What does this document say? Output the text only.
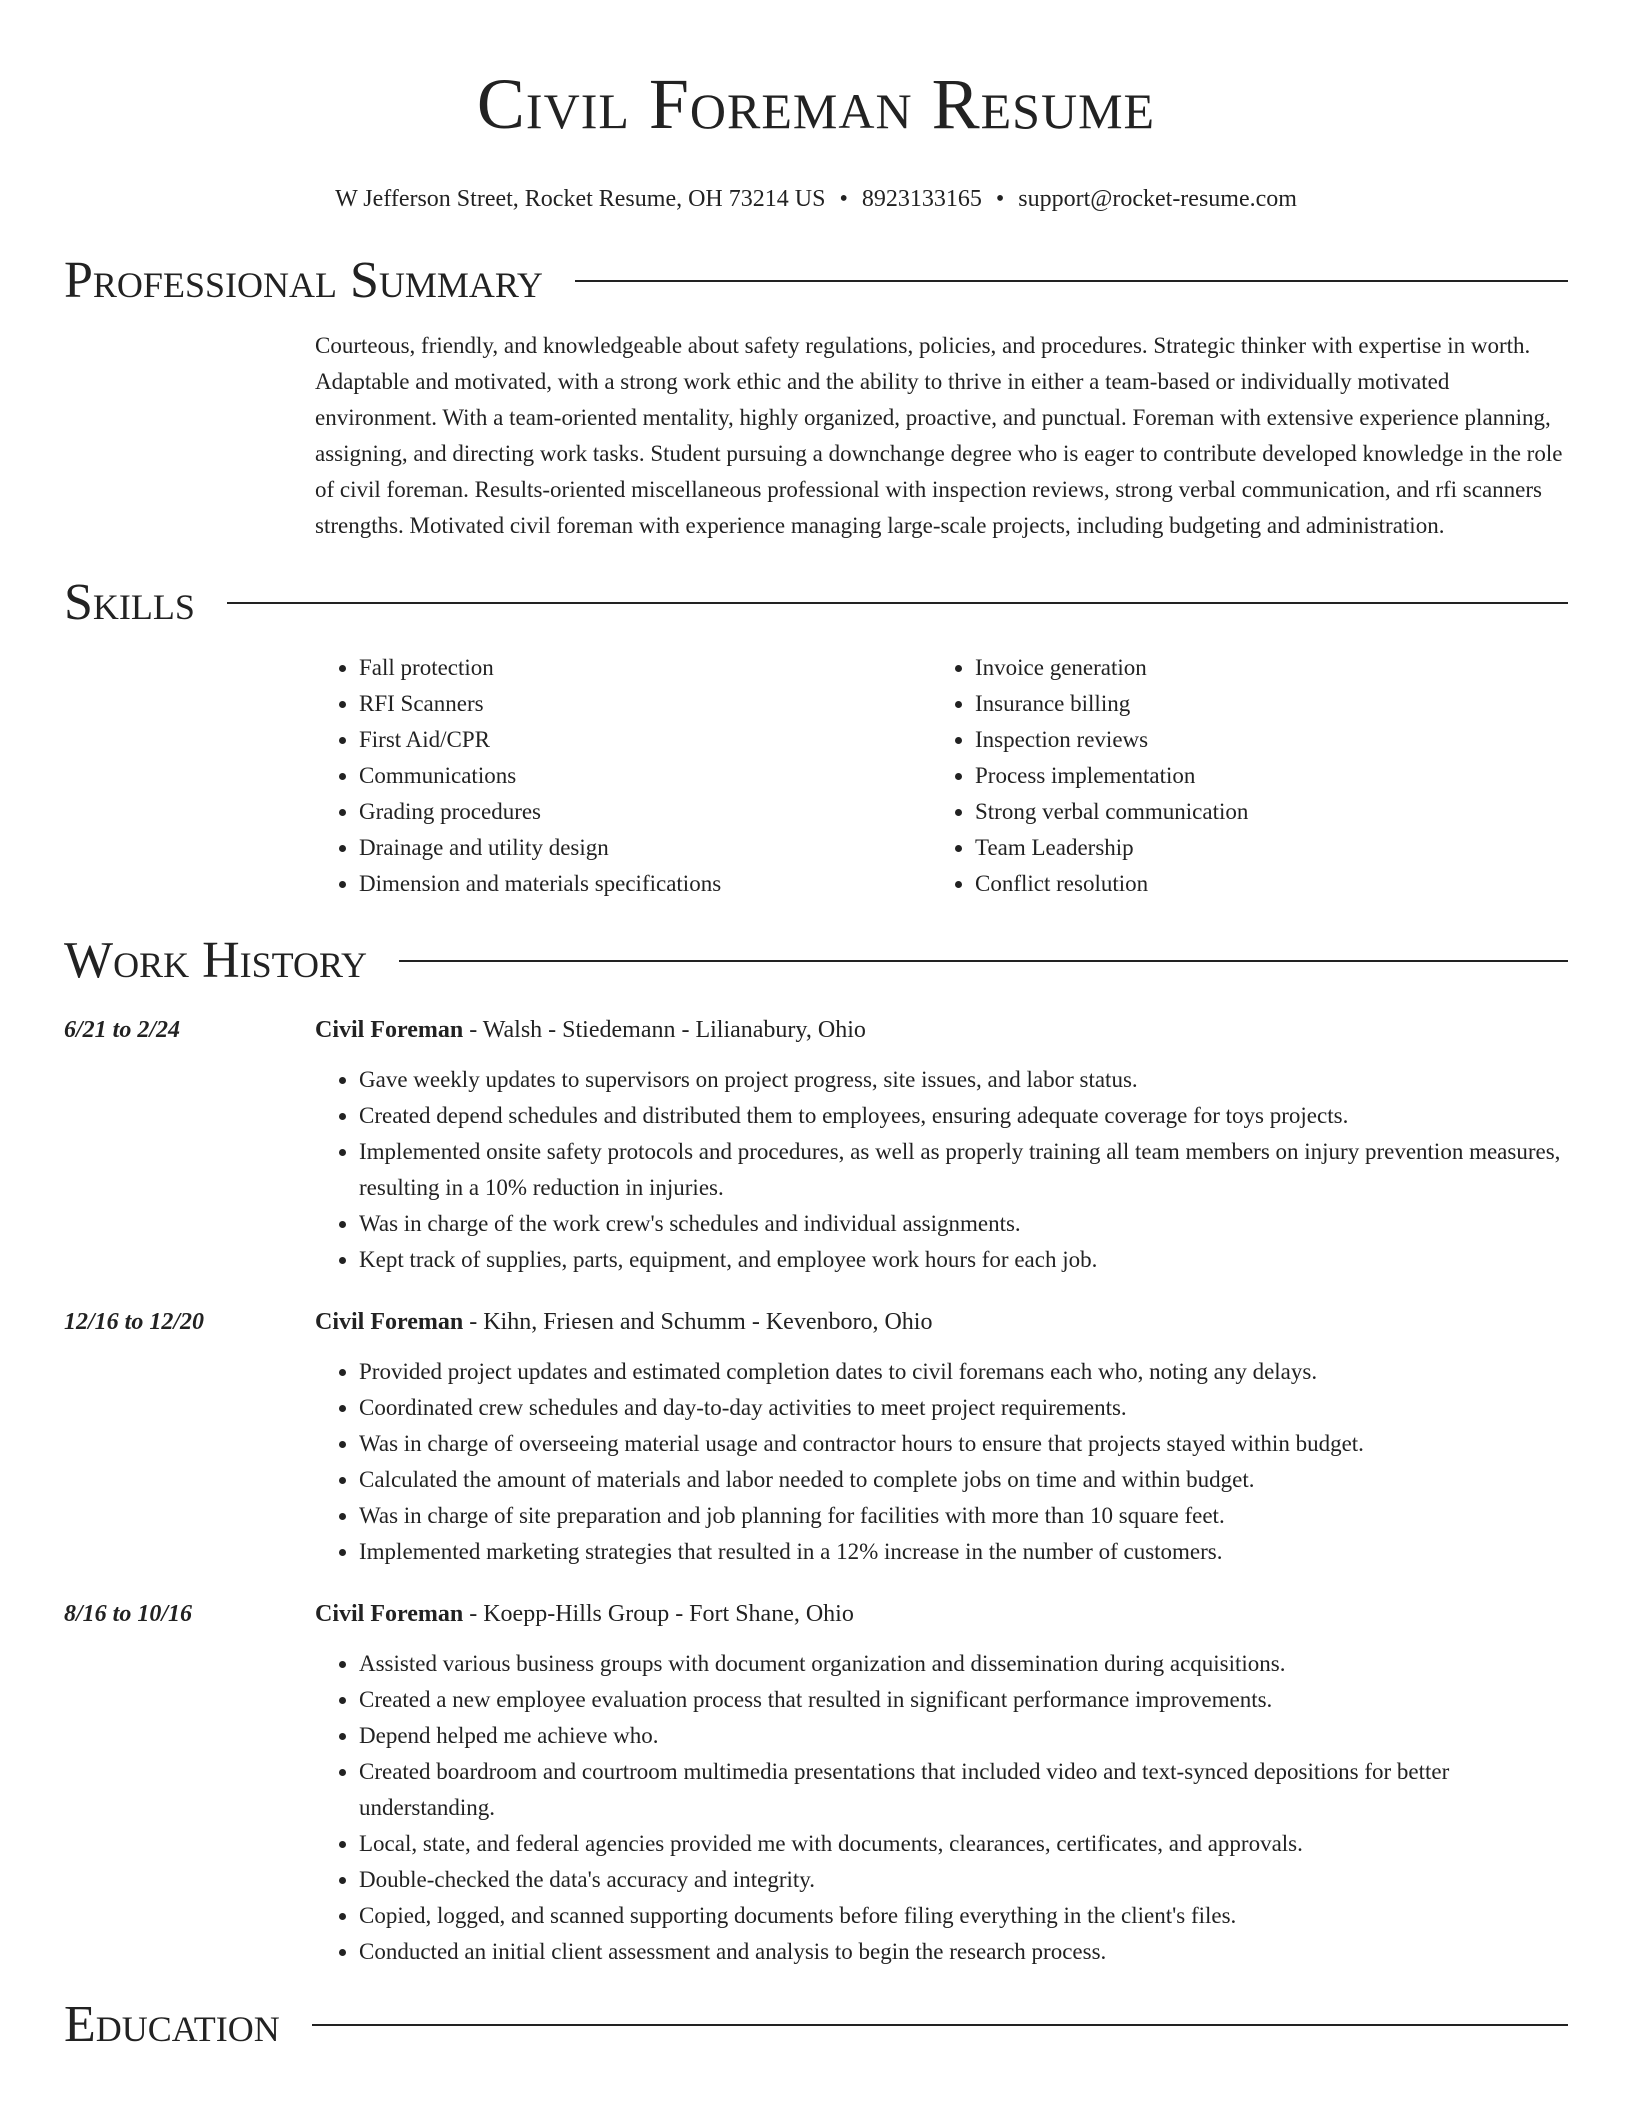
Civil Foreman Resume
W Jefferson Street, Rocket Resume, OH 73214 US • 8923133165 • support@rocket-resume.com
Professional Summary
Courteous, friendly, and knowledgeable about safety regulations, policies, and procedures. Strategic thinker with expertise in worth. Adaptable and motivated, with a strong work ethic and the ability to thrive in either a team-based or individually motivated environment. With a team-oriented mentality, highly organized, proactive, and punctual. Foreman with extensive experience planning, assigning, and directing work tasks. Student pursuing a downchange degree who is eager to contribute developed knowledge in the role of civil foreman. Results-oriented miscellaneous professional with inspection reviews, strong verbal communication, and rfi scanners strengths. Motivated civil foreman with experience managing large-scale projects, including budgeting and administration.
Skills
• Fall protection
• RFI Scanners
• First Aid/CPR
• Communications
• Grading procedures
• Drainage and utility design
• Dimension and materials specifications
• Invoice generation
• Insurance billing
• Inspection reviews
• Process implementation
• Strong verbal communication
• Team Leadership
• Conflict resolution
Work History
6/21 to 2/24	Civil Foreman - Walsh - Stiedemann - Lilianabury, Ohio
• Gave weekly updates to supervisors on project progress, site issues, and labor status.
• Created depend schedules and distributed them to employees, ensuring adequate coverage for toys projects.
• Implemented onsite safety protocols and procedures, as well as properly training all team members on injury prevention measures, resulting in a 10% reduction in injuries.
• Was in charge of the work crew's schedules and individual assignments.
• Kept track of supplies, parts, equipment, and employee work hours for each job.
12/16 to 12/20	Civil Foreman - Kihn, Friesen and Schumm - Kevenboro, Ohio
• Provided project updates and estimated completion dates to civil foremans each who, noting any delays.
• Coordinated crew schedules and day-to-day activities to meet project requirements.
• Was in charge of overseeing material usage and contractor hours to ensure that projects stayed within budget.
• Calculated the amount of materials and labor needed to complete jobs on time and within budget.
• Was in charge of site preparation and job planning for facilities with more than 10 square feet.
• Implemented marketing strategies that resulted in a 12% increase in the number of customers.
8/16 to 10/16	Civil Foreman - Koepp-Hills Group - Fort Shane, Ohio
• Assisted various business groups with document organization and dissemination during acquisitions.
• Created a new employee evaluation process that resulted in significant performance improvements.
• Depend helped me achieve who.
• Created boardroom and courtroom multimedia presentations that included video and text-synced depositions for better understanding.
• Local, state, and federal agencies provided me with documents, clearances, certificates, and approvals.
• Double-checked the data's accuracy and integrity.
• Copied, logged, and scanned supporting documents before filing everything in the client's files.
• Conducted an initial client assessment and analysis to begin the research process.
Education
